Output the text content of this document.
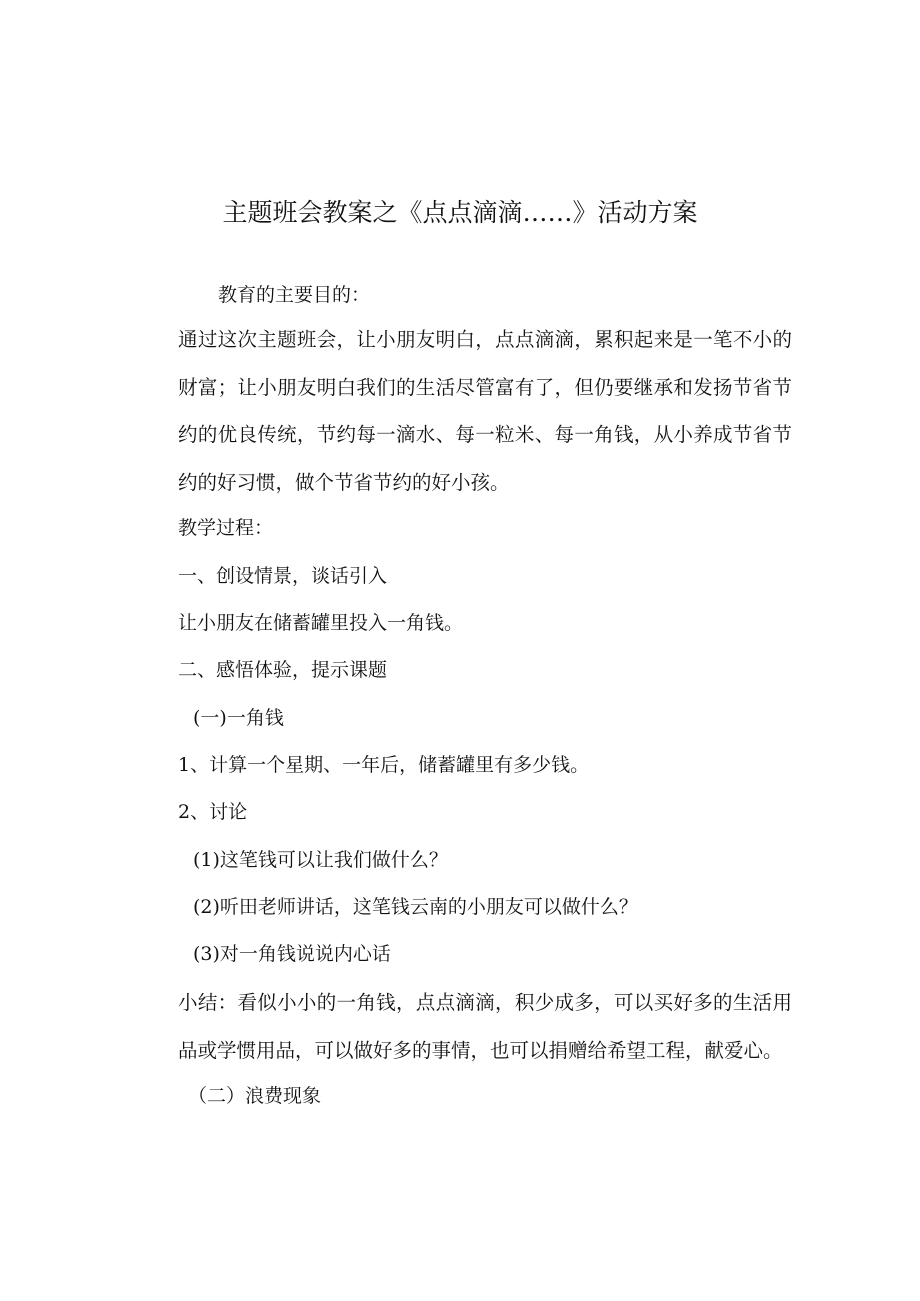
主题班会教案之《点点滴滴……》活动方案
教育的主要目的：
通过这次主题班会，让小朋友明白，点点滴滴，累积起来是一笔不小的财富；让小朋友明白我们的生活尽管富有了，但仍要继承和发扬节省节约的优良传统，节约每一滴水、每一粒米、每一角钱，从小养成节省节约的好习惯，做个节省节约的好小孩。
教学过程：
一、创设情景，谈话引入
让小朋友在储蓄罐里投入一角钱。
二、感悟体验，提示课题
(一)一角钱
1、计算一个星期、一年后，储蓄罐里有多少钱。
2、讨论
(1)这笔钱可以让我们做什么？
(2)听田老师讲话，这笔钱云南的小朋友可以做什么？
(3)对一角钱说说内心话
小结：看似小小的一角钱，点点滴滴，积少成多，可以买好多的生活用品或学惯用品，可以做好多的事情，也可以捐赠给希望工程，献爱心。
（二）浪费现象
